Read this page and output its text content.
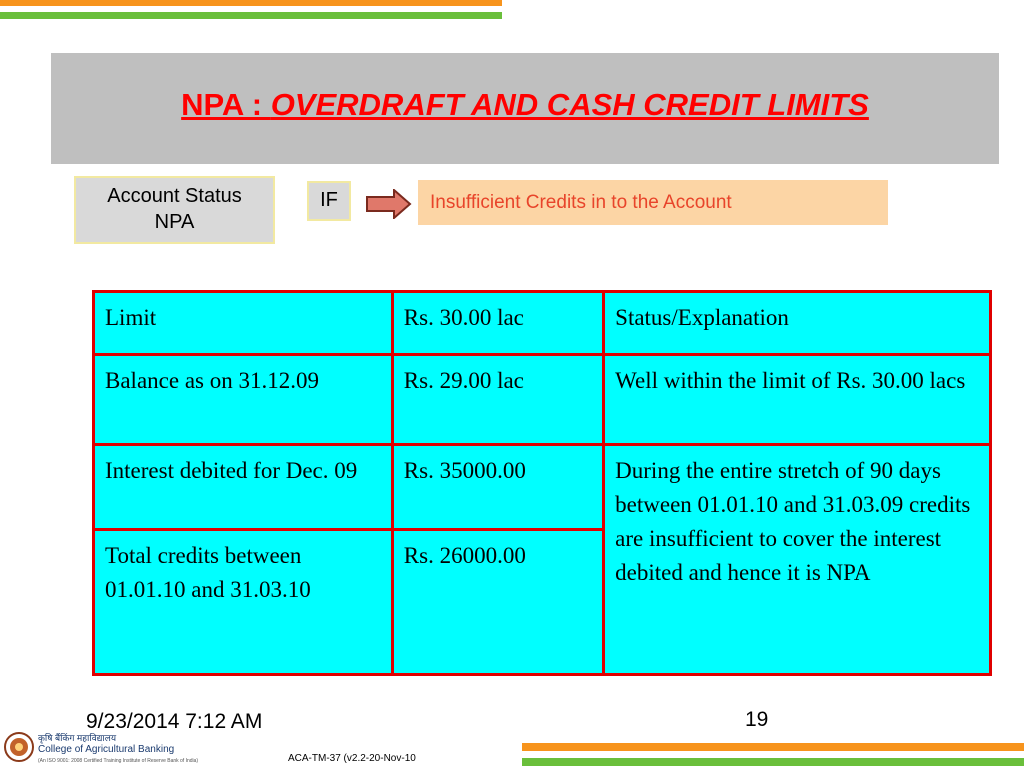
NPA : OVERDRAFT AND CASH CREDIT LIMITS
Account Status
NPA
IF	Insufficient Credits in to the Account
Limit	Rs. 30.00 lac	Status/Explanation
Balance as on 31.12.09	Rs. 29.00 lac	Well within the limit of Rs. 30.00 lacs
Interest debited for Dec. 09	Rs. 35000.00	During the entire stretch of 90 days between 01.01.10 and 31.03.09 credits are insufficient to cover the interest debited and hence it is NPA
Total credits between 01.01.10 and 31.03.10	Rs. 26000.00	
कृषि बैंकिंग महाविद्यालय
College of Agricultural Banking
(An ISO 9001: 2008 Certified Training Institute of Reserve Bank of India)
9/23/2014 7:12 AM	19
ACA-TM-37 (v2.2-20-Nov-10
